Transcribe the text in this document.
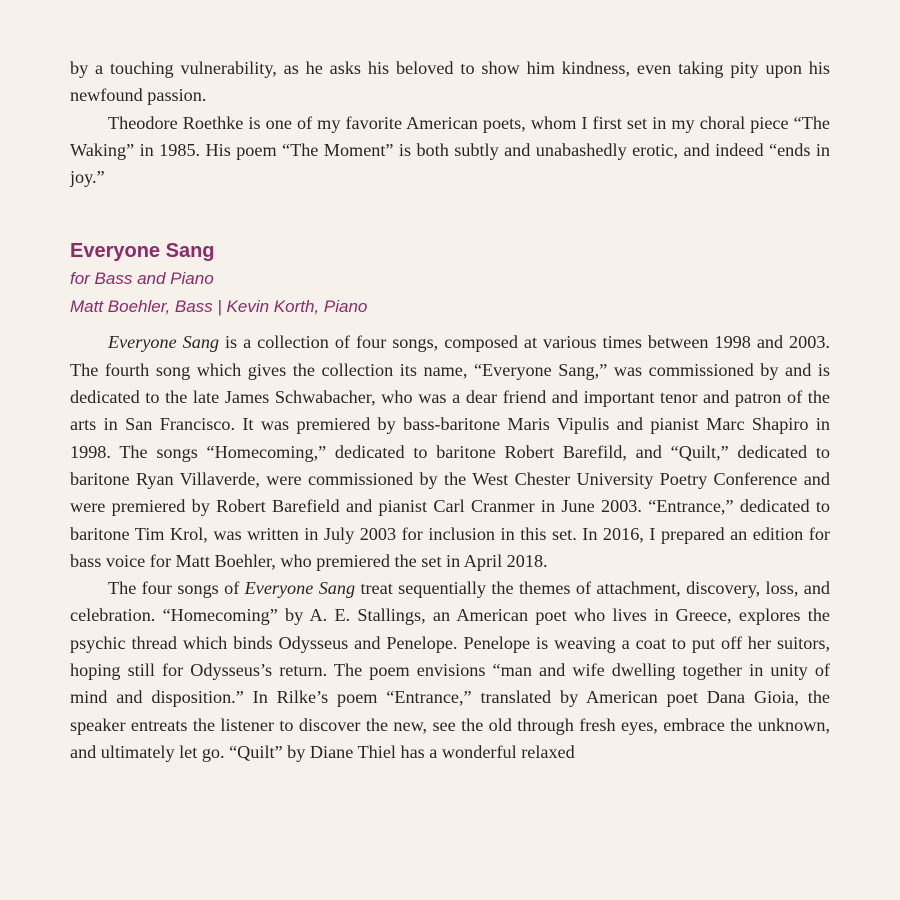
by a touching vulnerability, as he asks his beloved to show him kindness, even taking pity upon his newfound passion.

Theodore Roethke is one of my favorite American poets, whom I first set in my choral piece “The Waking” in 1985. His poem “The Moment” is both subtly and unabashedly erotic, and indeed “ends in joy.”

Everyone Sang
for Bass and Piano
Matt Boehler, Bass | Kevin Korth, Piano

Everyone Sang is a collection of four songs, composed at various times between 1998 and 2003. The fourth song which gives the collection its name, “Everyone Sang,” was commissioned by and is dedicated to the late James Schwabacher, who was a dear friend and important tenor and patron of the arts in San Francisco. It was premiered by bass-baritone Maris Vipulis and pianist Marc Shapiro in 1998. The songs “Homecoming,” dedicated to baritone Robert Barefild, and “Quilt,” dedicated to baritone Ryan Villaverde, were commissioned by the West Chester University Poetry Conference and were premiered by Robert Barefield and pianist Carl Cranmer in June 2003. “Entrance,” dedicated to baritone Tim Krol, was written in July 2003 for inclusion in this set. In 2016, I prepared an edition for bass voice for Matt Boehler, who premiered the set in April 2018.

The four songs of Everyone Sang treat sequentially the themes of attachment, discovery, loss, and celebration. “Homecoming” by A. E. Stallings, an American poet who lives in Greece, explores the psychic thread which binds Odysseus and Penelope. Penelope is weaving a coat to put off her suitors, hoping still for Odysseus’s return. The poem envisions “man and wife dwelling together in unity of mind and disposition.” In Rilke’s poem “Entrance,” translated by American poet Dana Gioia, the speaker entreats the listener to discover the new, see the old through fresh eyes, embrace the unknown, and ultimately let go. “Quilt” by Diane Thiel has a wonderful relaxed
